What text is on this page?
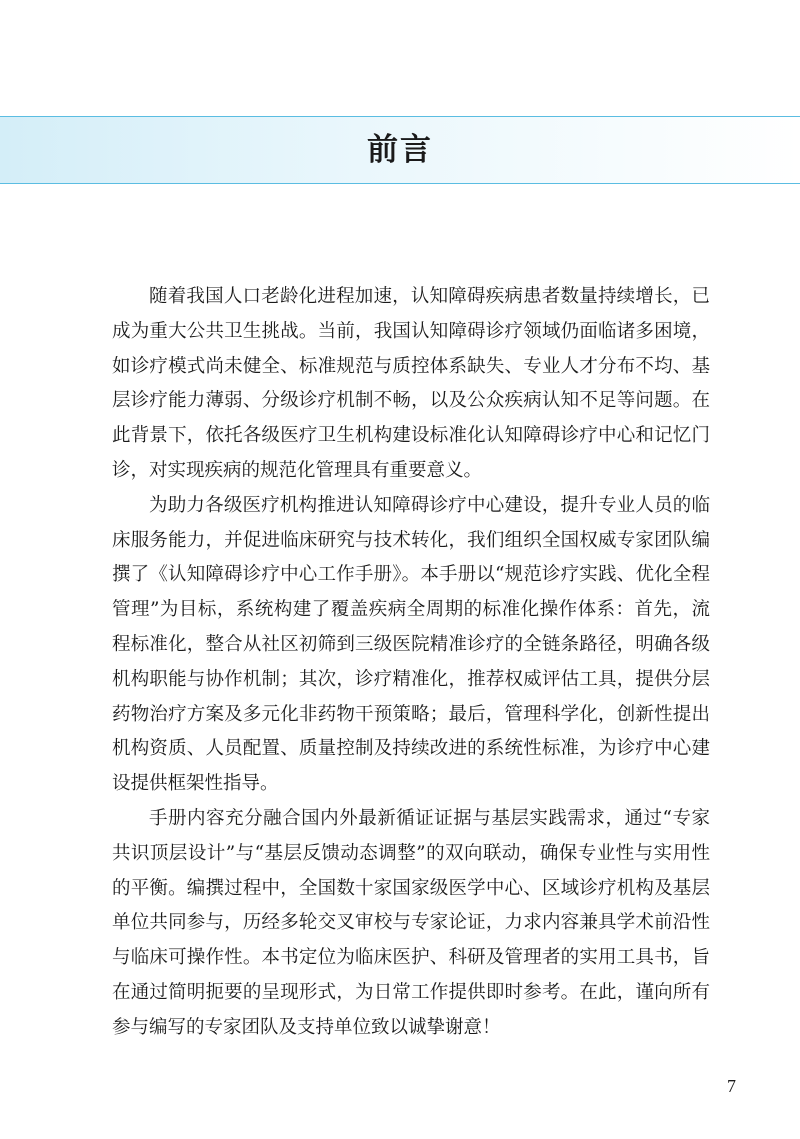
前言

随着我国人口老龄化进程加速，认知障碍疾病患者数量持续增长，已成为重大公共卫生挑战。当前，我国认知障碍诊疗领域仍面临诸多困境，如诊疗模式尚未健全、标准规范与质控体系缺失、专业人才分布不均、基层诊疗能力薄弱、分级诊疗机制不畅，以及公众疾病认知不足等问题。在此背景下，依托各级医疗卫生机构建设标准化认知障碍诊疗中心和记忆门诊，对实现疾病的规范化管理具有重要意义。

为助力各级医疗机构推进认知障碍诊疗中心建设，提升专业人员的临床服务能力，并促进临床研究与技术转化，我们组织全国权威专家团队编撰了《认知障碍诊疗中心工作手册》。本手册以“规范诊疗实践、优化全程管理”为目标，系统构建了覆盖疾病全周期的标准化操作体系：首先，流程标准化，整合从社区初筛到三级医院精准诊疗的全链条路径，明确各级机构职能与协作机制；其次，诊疗精准化，推荐权威评估工具，提供分层药物治疗方案及多元化非药物干预策略；最后，管理科学化，创新性提出机构资质、人员配置、质量控制及持续改进的系统性标准，为诊疗中心建设提供框架性指导。

手册内容充分融合国内外最新循证证据与基层实践需求，通过“专家共识顶层设计”与“基层反馈动态调整”的双向联动，确保专业性与实用性的平衡。编撰过程中，全国数十家国家级医学中心、区域诊疗机构及基层单位共同参与，历经多轮交叉审校与专家论证，力求内容兼具学术前沿性与临床可操作性。本书定位为临床医护、科研及管理者的实用工具书，旨在通过简明扼要的呈现形式，为日常工作提供即时参考。在此，谨向所有参与编写的专家团队及支持单位致以诚挚谢意！

7
